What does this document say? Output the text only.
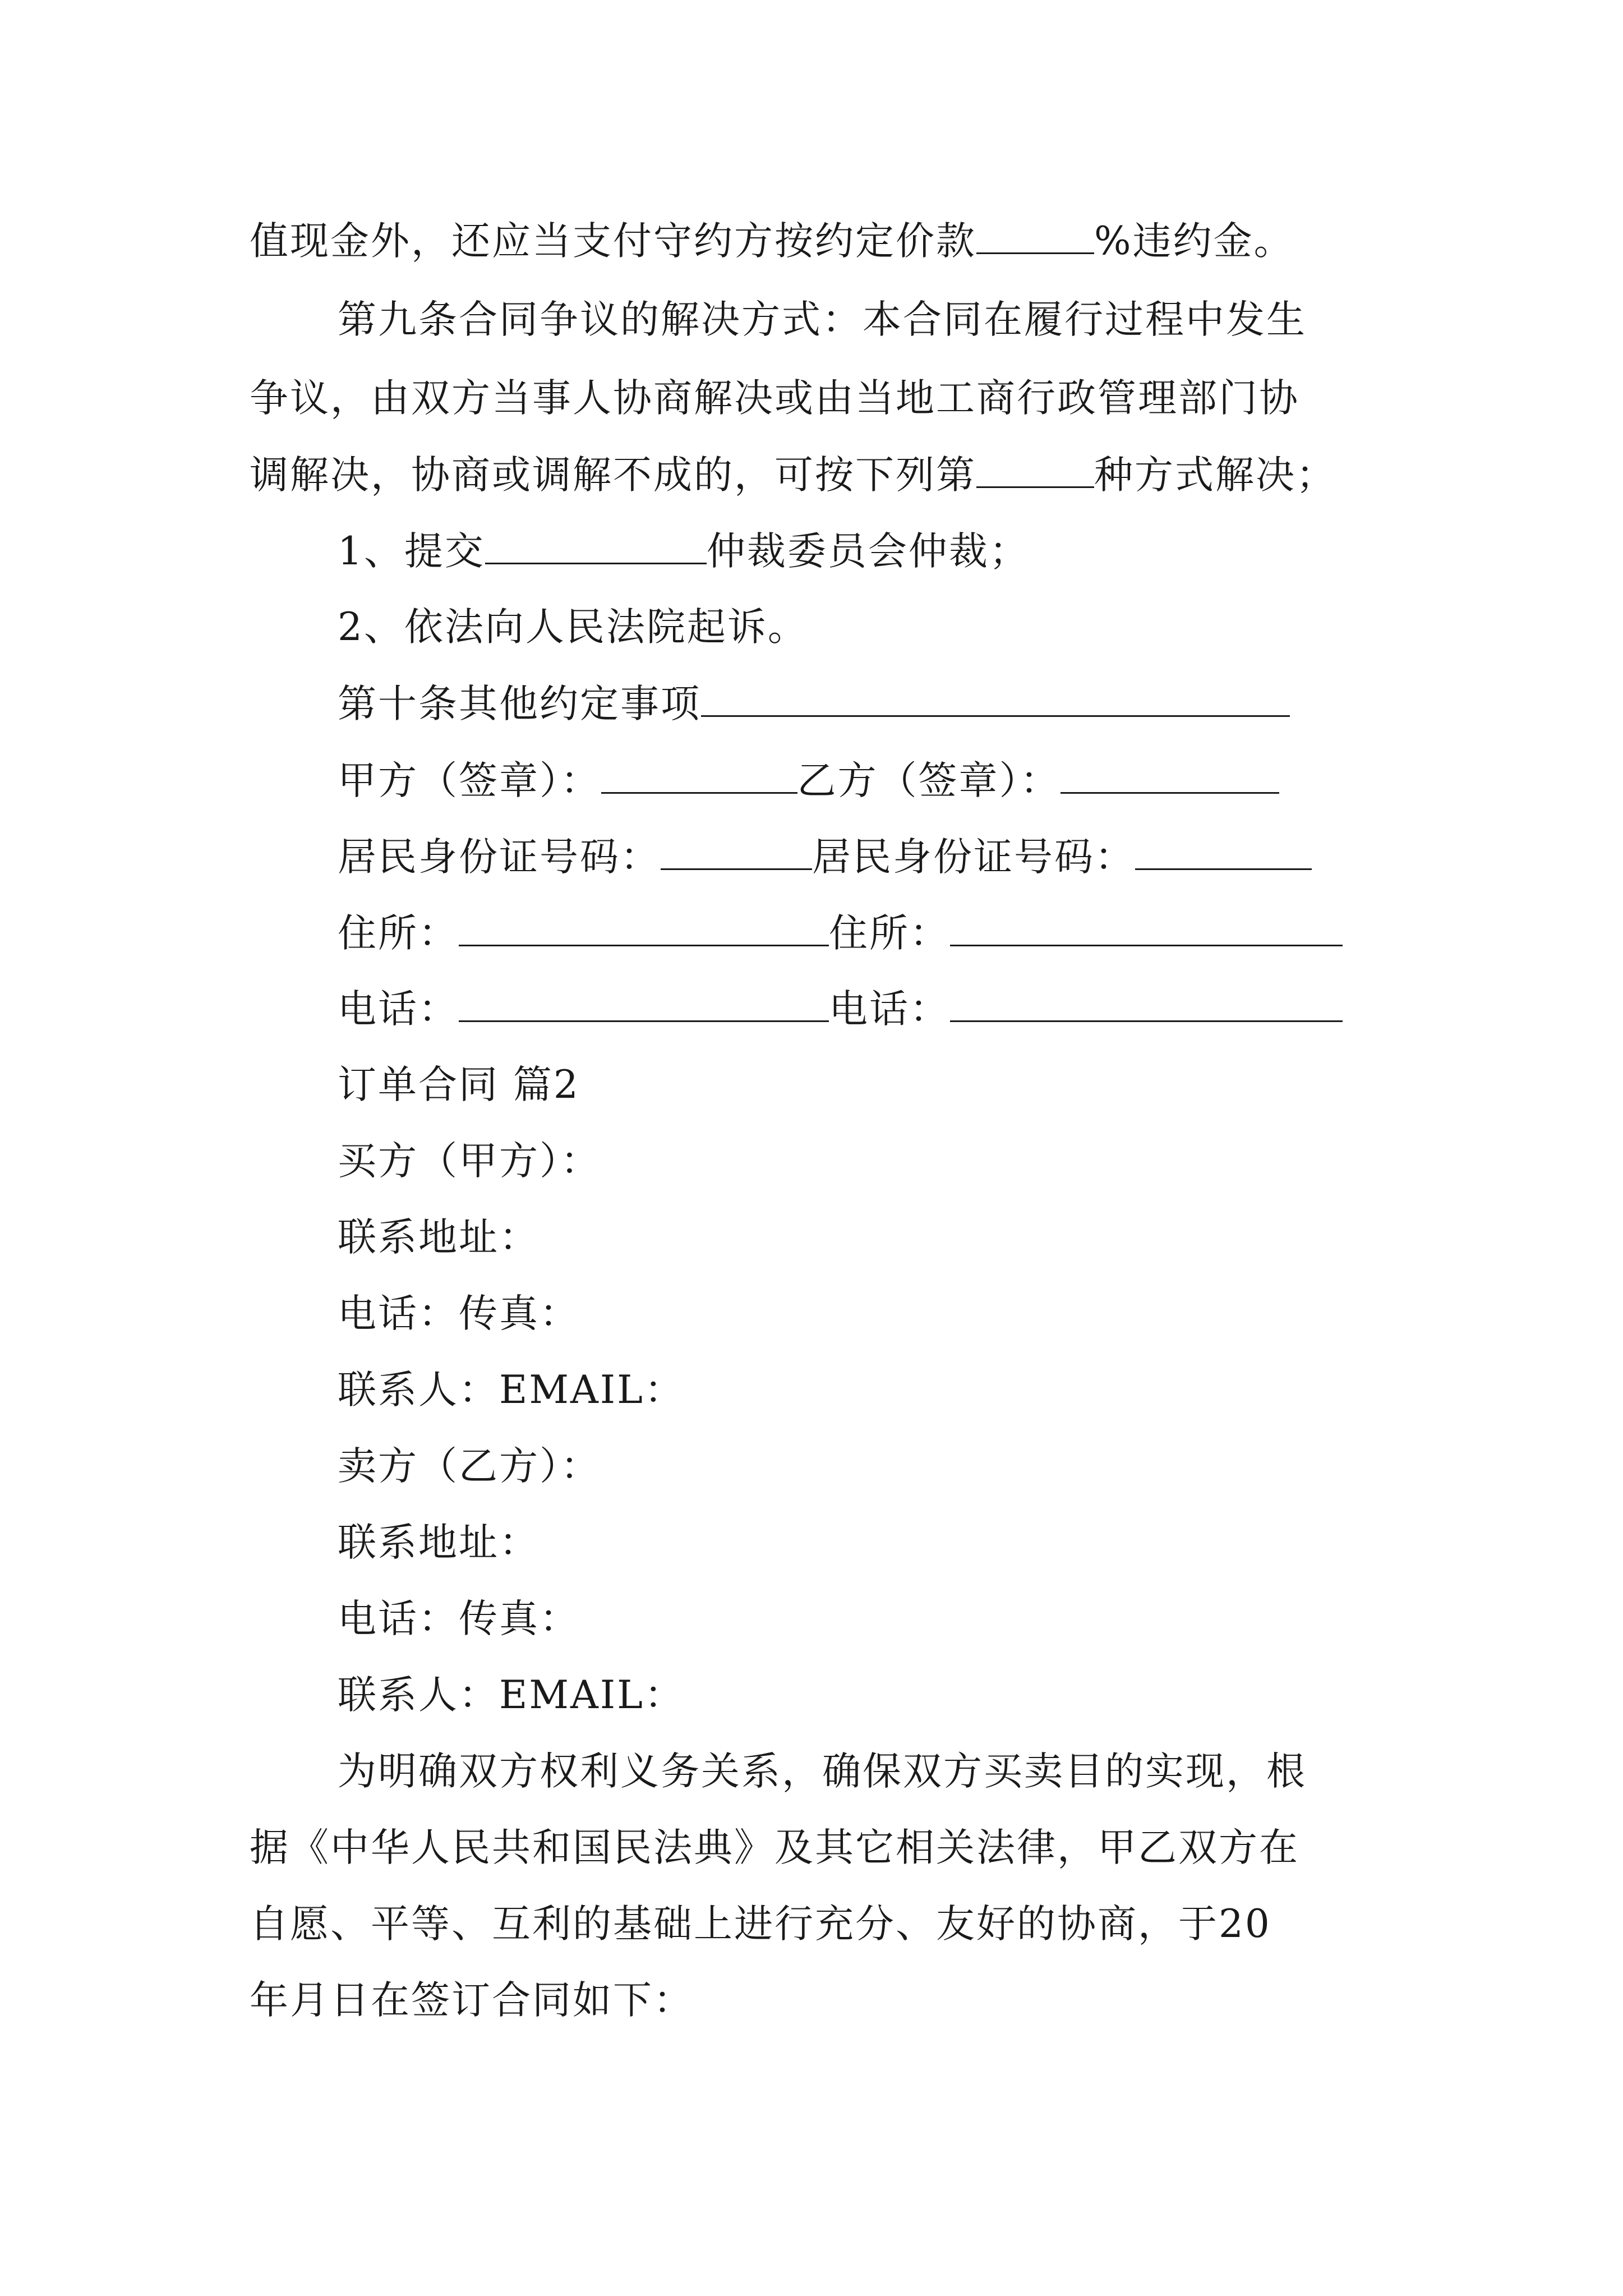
值现金外，还应当支付守约方按约定价款	%违约金。
第九条合同争议的解决方式：本合同在履行过程中发生
争议，由双方当事人协商解决或由当地工商行政管理部门协
调解决，协商或调解不成的，可按下列第	种方式解决；
1、提交	仲裁委员会仲裁；
2、依法向人民法院起诉。
第十条其他约定事项
甲方（签章）：	乙方（签章）：
居民身份证号码：	居民身份证号码：
住所：	住所：
电话：	电话：
订单合同 篇2
买方（甲方）：
联系地址：
电话：传真：
联系人：EMAIL：
卖方（乙方）：
联系地址：
电话：传真：
联系人：EMAIL：
为明确双方权利义务关系，确保双方买卖目的实现，根
据《中华人民共和国民法典》及其它相关法律，甲乙双方在
自愿、平等、互利的基础上进行充分、友好的协商，于20
年月日在签订合同如下：
